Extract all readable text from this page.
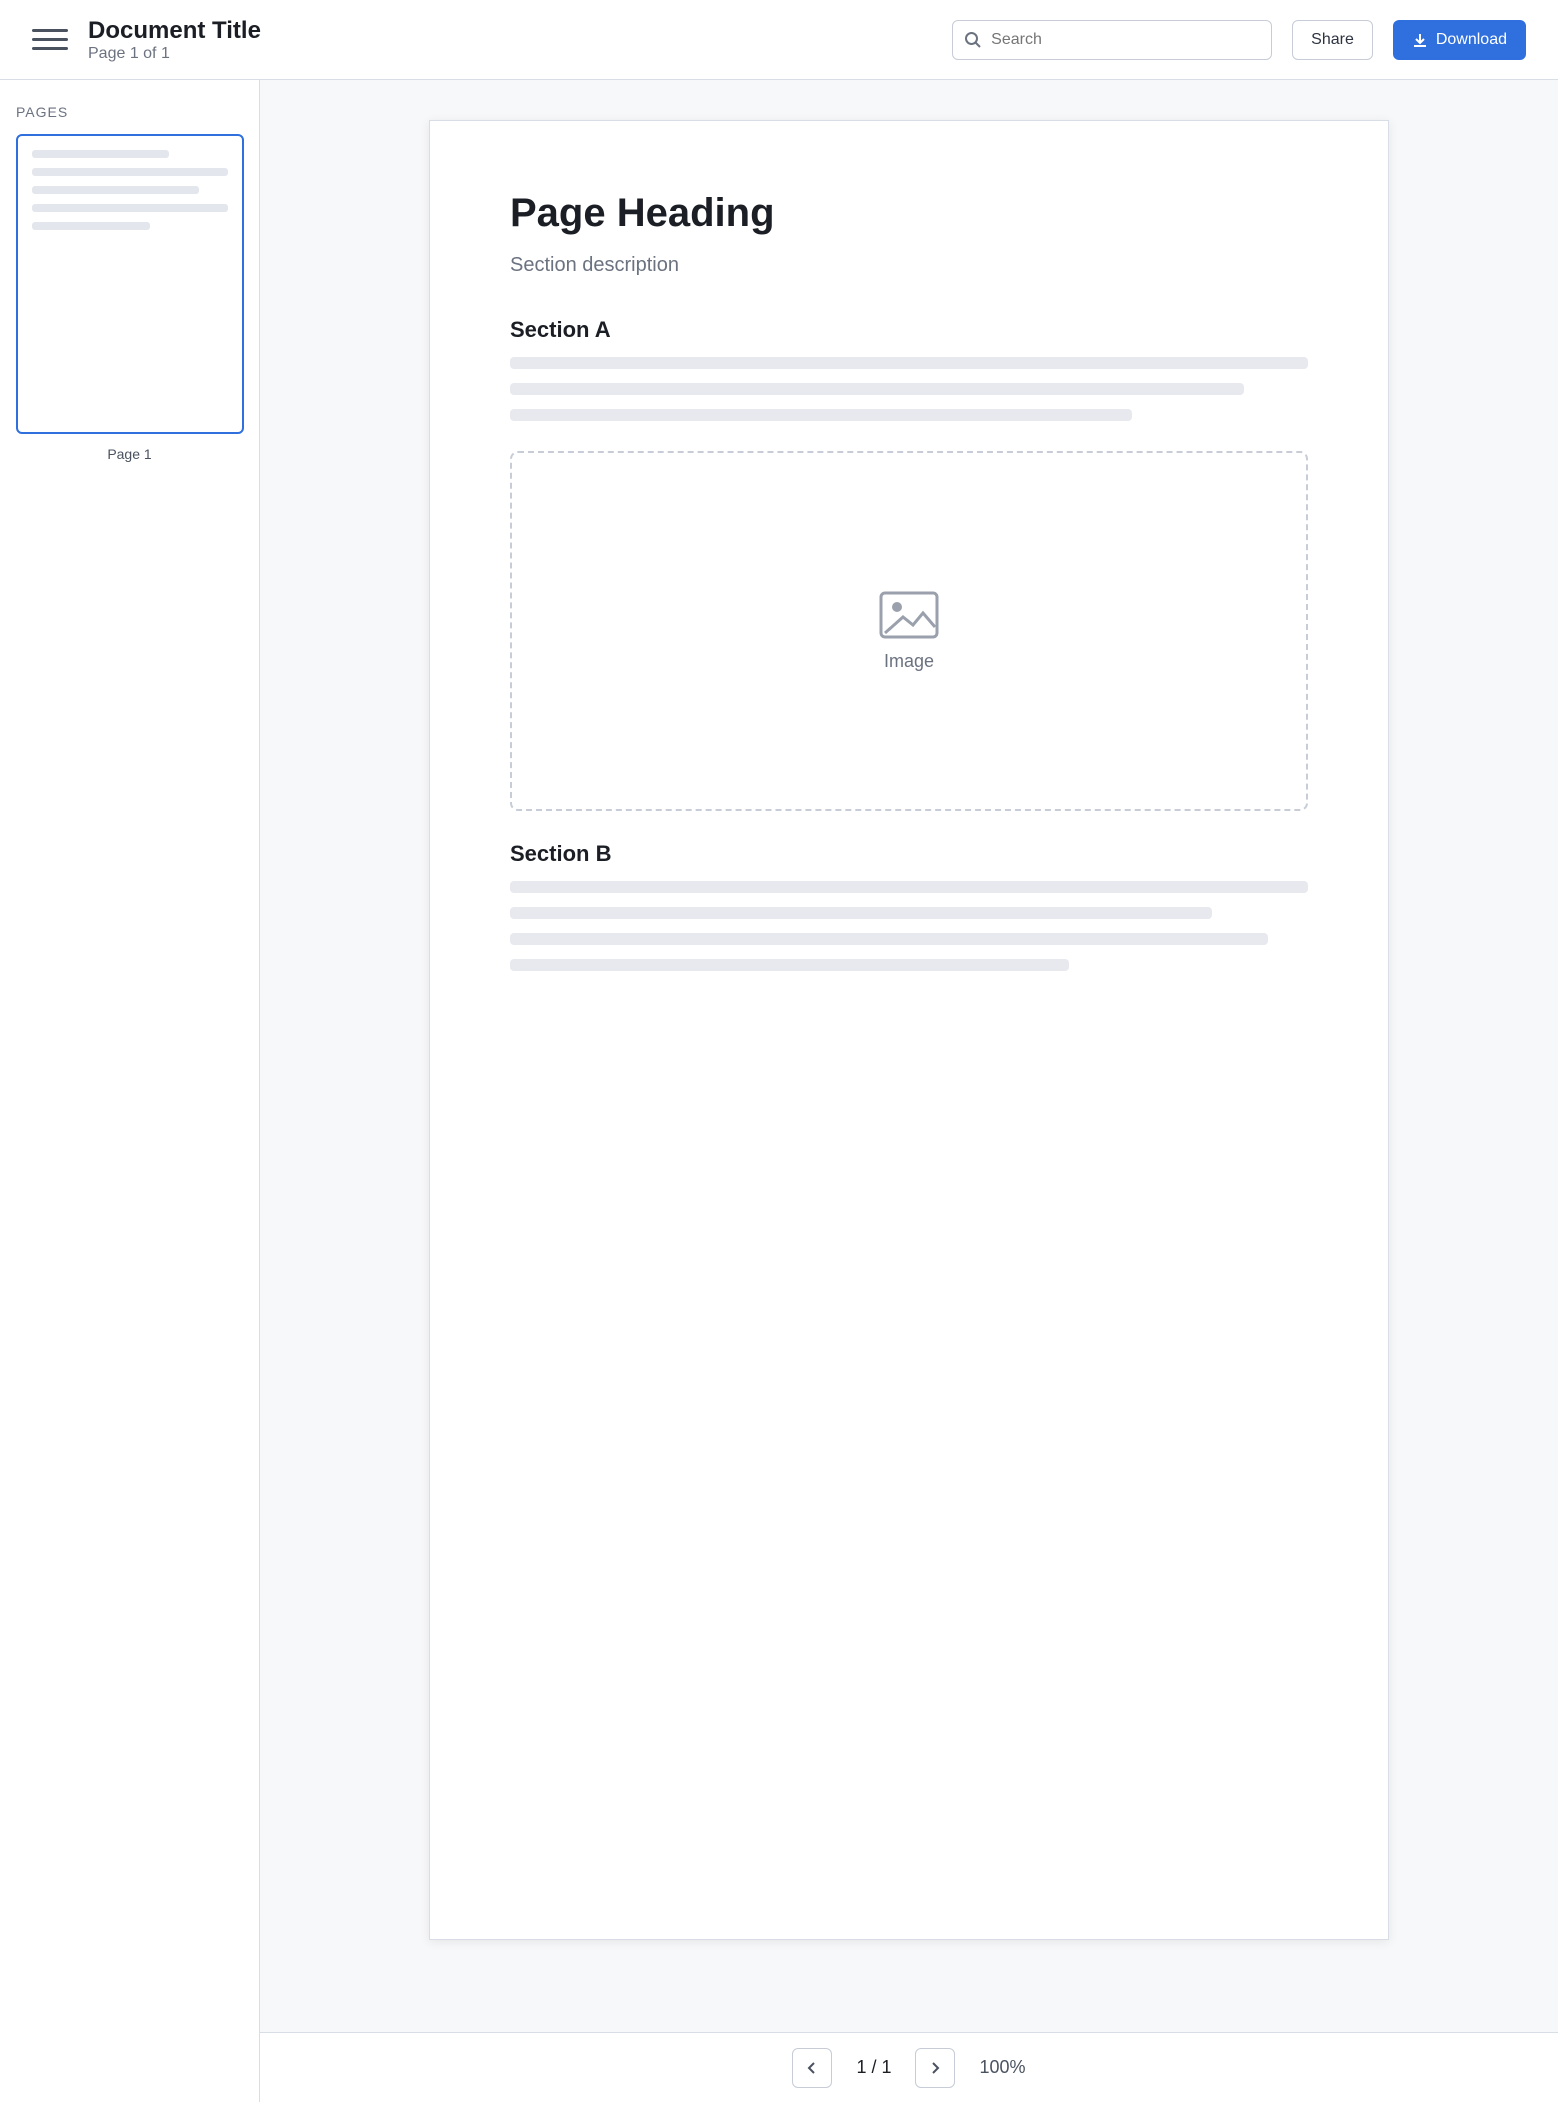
Document Title
Page 1 of 1
Search
Share	Download
PAGES
Page 1
Page Heading
Section description
Section A
Image
Section B
1 / 1	100%
